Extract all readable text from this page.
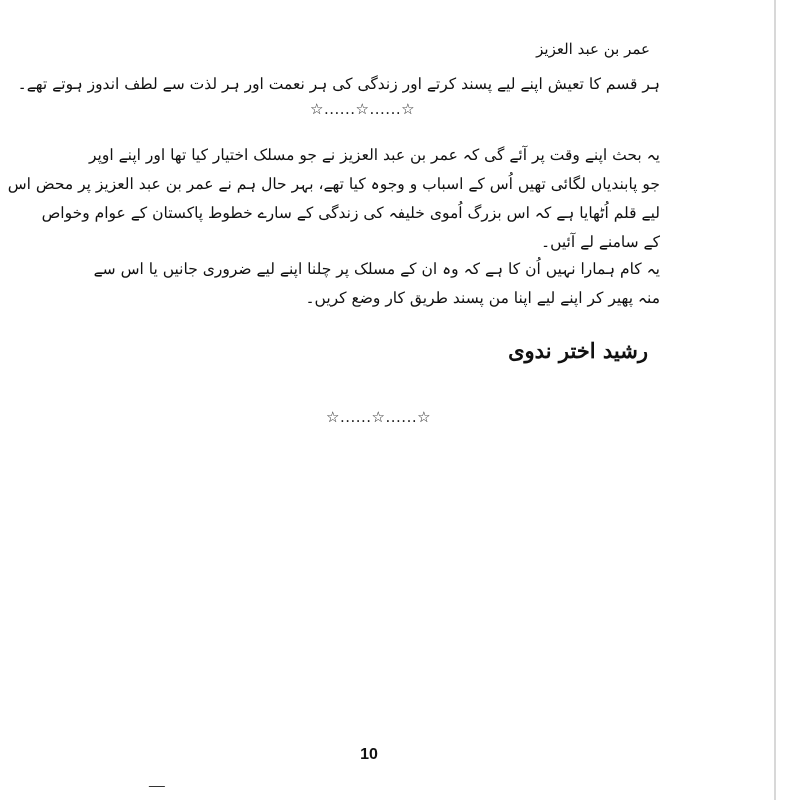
عمر بن عبد العزیز
ہر قسم کا تعیش اپنے لیے پسند کرتے اور زندگی کی ہر نعمت اور ہر لذت سے لطف اندوز ہوتے تھے۔
☆......☆......☆
یہ بحث اپنے وقت پر آئے گی کہ عمر بن عبد العزیز نے جو مسلک اختیار کیا تھا اور اپنے اوپر
جو پابندیاں لگائی تھیں اُس کے اسباب و وجوہ کیا تھے، بہر حال ہم نے عمر بن عبد العزیز پر محض اس
لیے قلم اُٹھایا ہے کہ اس بزرگ اُموی خلیفہ کی زندگی کے سارے خطوط پاکستان کے عوام وخواص
کے سامنے لے آئیں۔
یہ کام ہمارا نہیں اُن کا ہے کہ وہ ان کے مسلک پر چلنا اپنے لیے ضروری جانیں یا اس سے
منہ پھیر کر اپنے لیے اپنا من پسند طریق کار وضع کریں۔
رشید اختر ندوی
☆......☆......☆
10
